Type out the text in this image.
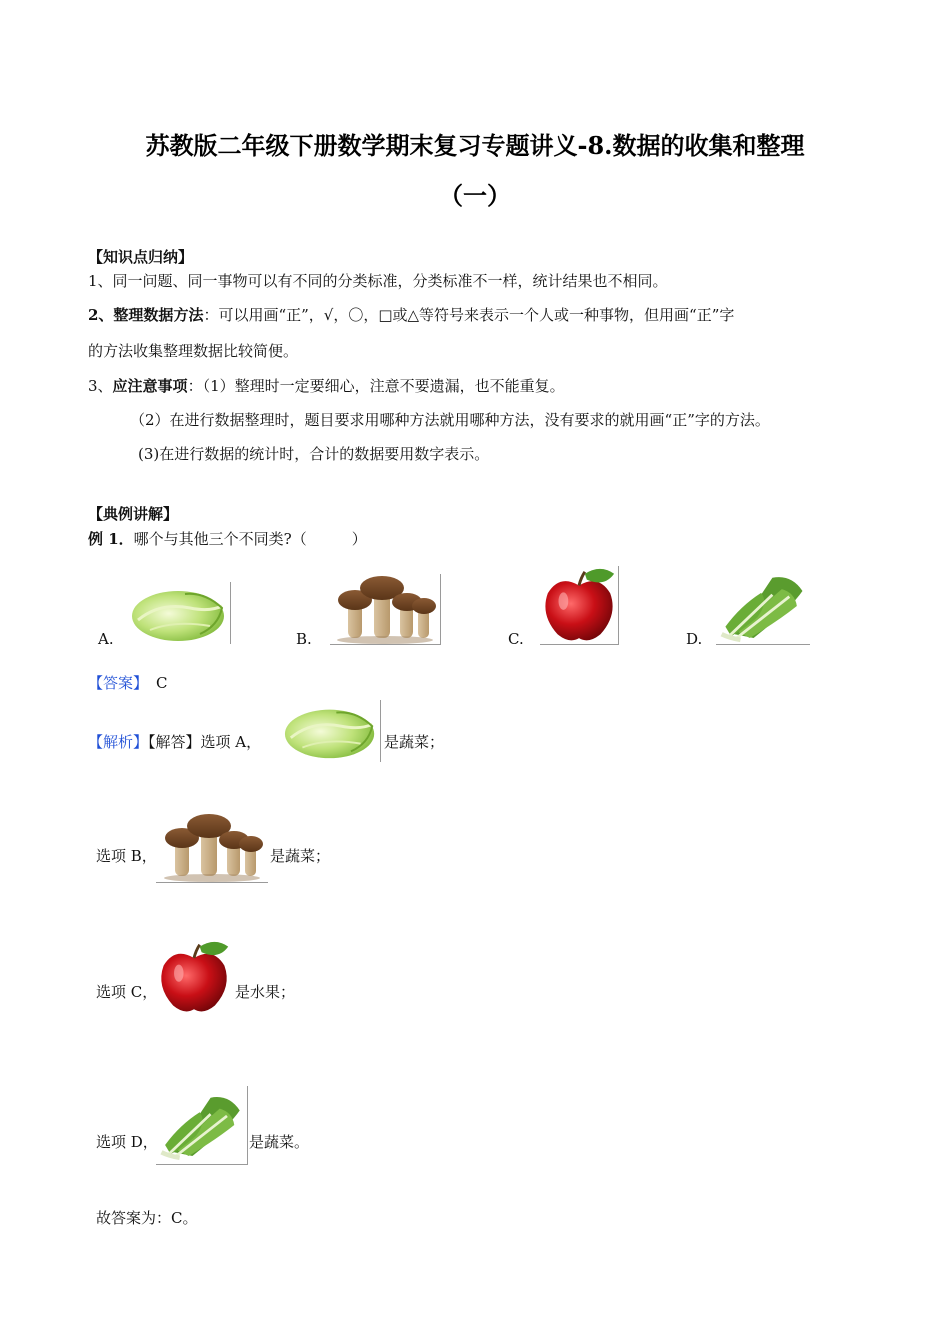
苏教版二年级下册数学期末复习专题讲义-8.数据的收集和整理
（一）
【知识点归纳】
1、同一问题、同一事物可以有不同的分类标准，分类标准不一样，统计结果也不相同。
2、整理数据方法：可以用画“正”，√，〇，□或△等符号来表示一个人或一种事物，但用画“正”字
的方法收集整理数据比较简便。
3、应注意事项：（1）整理时一定要细心，注意不要遗漏，也不能重复。
（2）在进行数据整理时，题目要求用哪种方法就用哪种方法，没有要求的就用画“正”字的方法。
(3)在进行数据的统计时，合计的数据要用数字表示。
【典例讲解】
例 1．哪个与其他三个不同类?（　　　）
A.	B.	C.	D.
【答案】 C
【解析】【解答】选项 A，	是蔬菜；
选项 B，	是蔬菜；
选项 C，	是水果；
选项 D，	是蔬菜。
故答案为：C。
